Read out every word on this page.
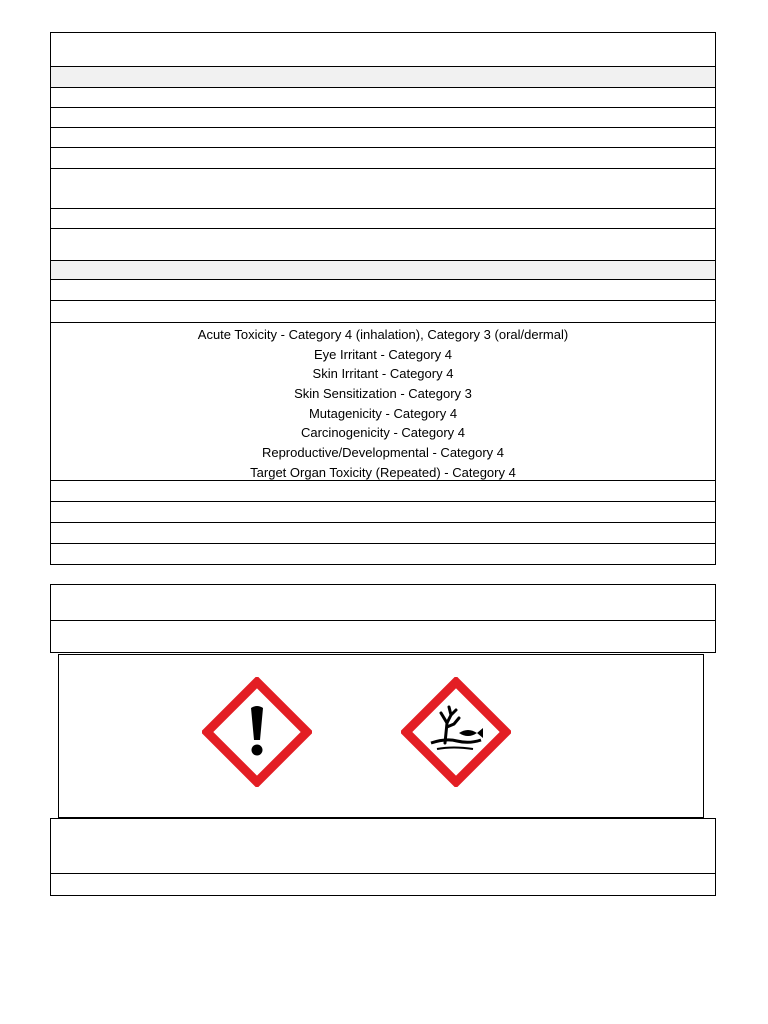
Acute Toxicity - Category 4 (inhalation), Category 3 (oral/dermal)
Eye Irritant - Category 4
Skin Irritant - Category 4
Skin Sensitization - Category 3
Mutagenicity - Category 4
Carcinogenicity - Category 4
Reproductive/Developmental - Category 4
Target Organ Toxicity (Repeated) - Category 4
